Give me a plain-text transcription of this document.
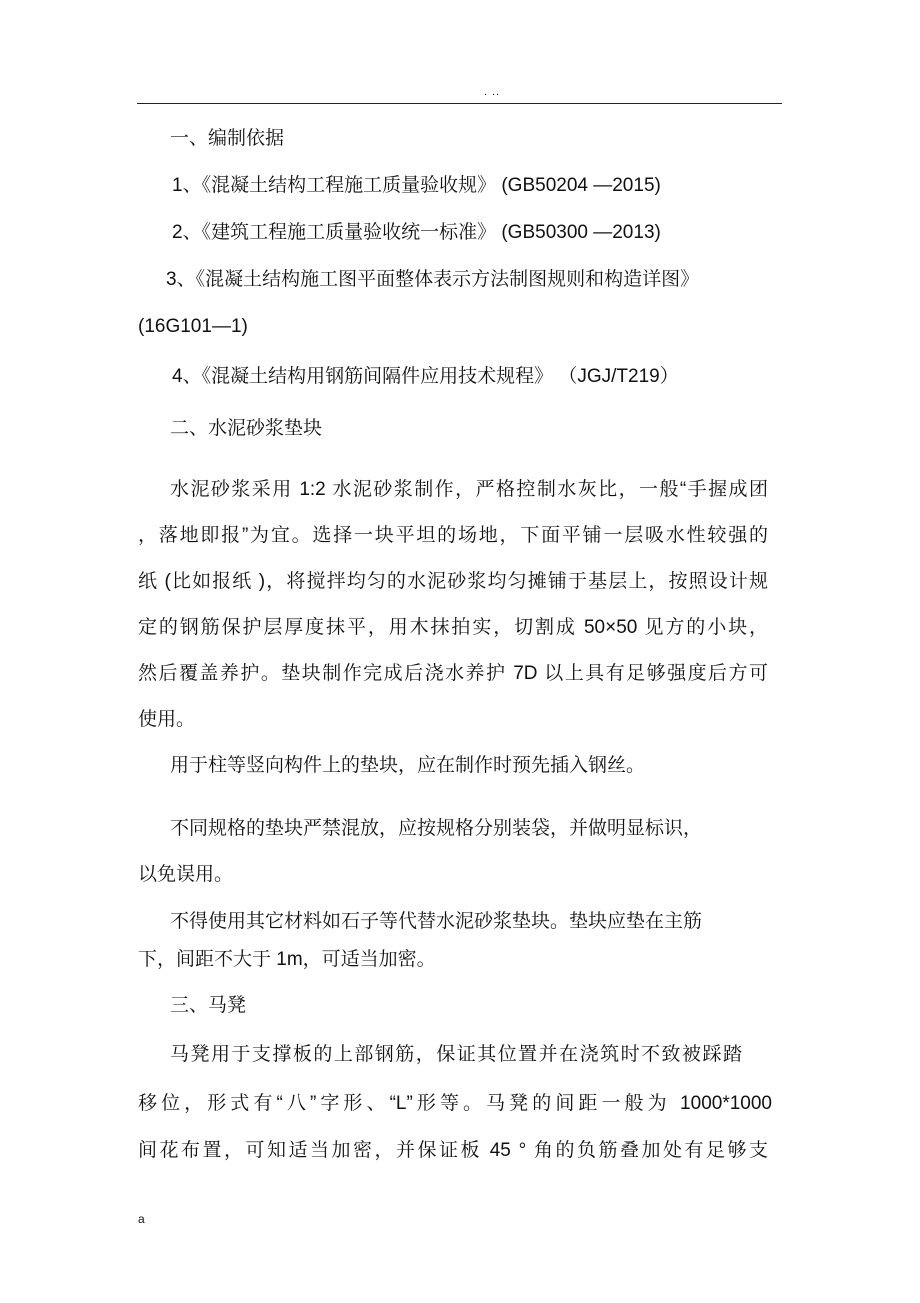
. ..
一、编制依据
1、《混凝土结构工程施工质量验收规》 (GB50204 —2015)
2、《建筑工程施工质量验收统一标准》 (GB50300 —2013)
3、《混凝土结构施工图平面整体表示方法制图规则和构造详图》
(16G101—1)
4、《混凝土结构用钢筋间隔件应用技术规程》 （JGJ/T219）
二、水泥砂浆垫块
水泥砂浆采用 1:2 水泥砂浆制作，严格控制水灰比，一般“手握成团
，落地即报”为宜。选择一块平坦的场地，下面平铺一层吸水性较强的
纸 (比如报纸 )，将搅拌均匀的水泥砂浆均匀摊铺于基层上，按照设计规
定的钢筋保护层厚度抹平，用木抹拍实，切割成 50×50 见方的小块，
然后覆盖养护。垫块制作完成后浇水养护 7D 以上具有足够强度后方可
使用。
用于柱等竖向构件上的垫块，应在制作时预先插入钢丝。
不同规格的垫块严禁混放，应按规格分别装袋，并做明显标识，
以免误用。
不得使用其它材料如石子等代替水泥砂浆垫块。垫块应垫在主筋
下，间距不大于 1m，可适当加密。
三、马凳
马凳用于支撑板的上部钢筋，保证其位置并在浇筑时不致被踩踏
移位，形式有“八”字形、“L”形等。马凳的间距一般为 1000*1000
间花布置，可知适当加密，并保证板 45 ° 角的负筋叠加处有足够支
a
